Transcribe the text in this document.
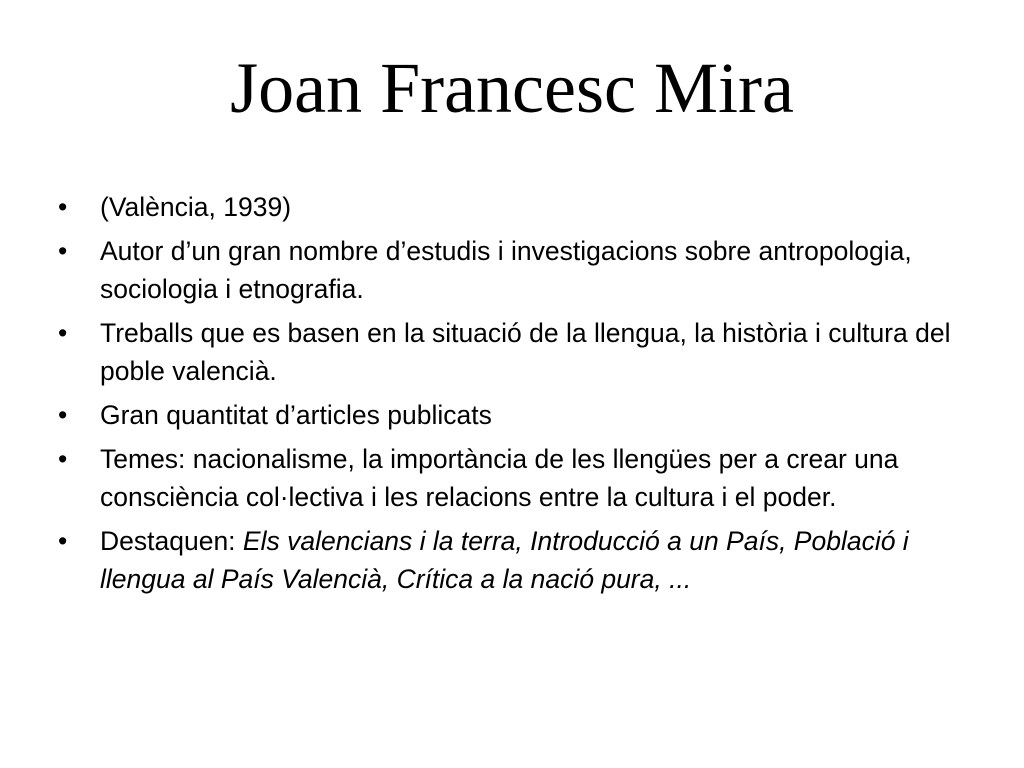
Joan Francesc Mira
•	(València, 1939)
•	Autor d’un gran nombre d’estudis i investigacions sobre antropologia, sociologia i etnografia.
•	Treballs que es basen en la situació de la llengua, la història i cultura del poble valencià.
•	Gran quantitat d’articles publicats
•	Temes: nacionalisme, la importància de les llengües per a crear una consciència col·lectiva i les relacions entre la cultura i el poder.
•	Destaquen: Els valencians i la terra, Introducció a un País, Població i llengua al País Valencià, Crítica a la nació pura, ...
